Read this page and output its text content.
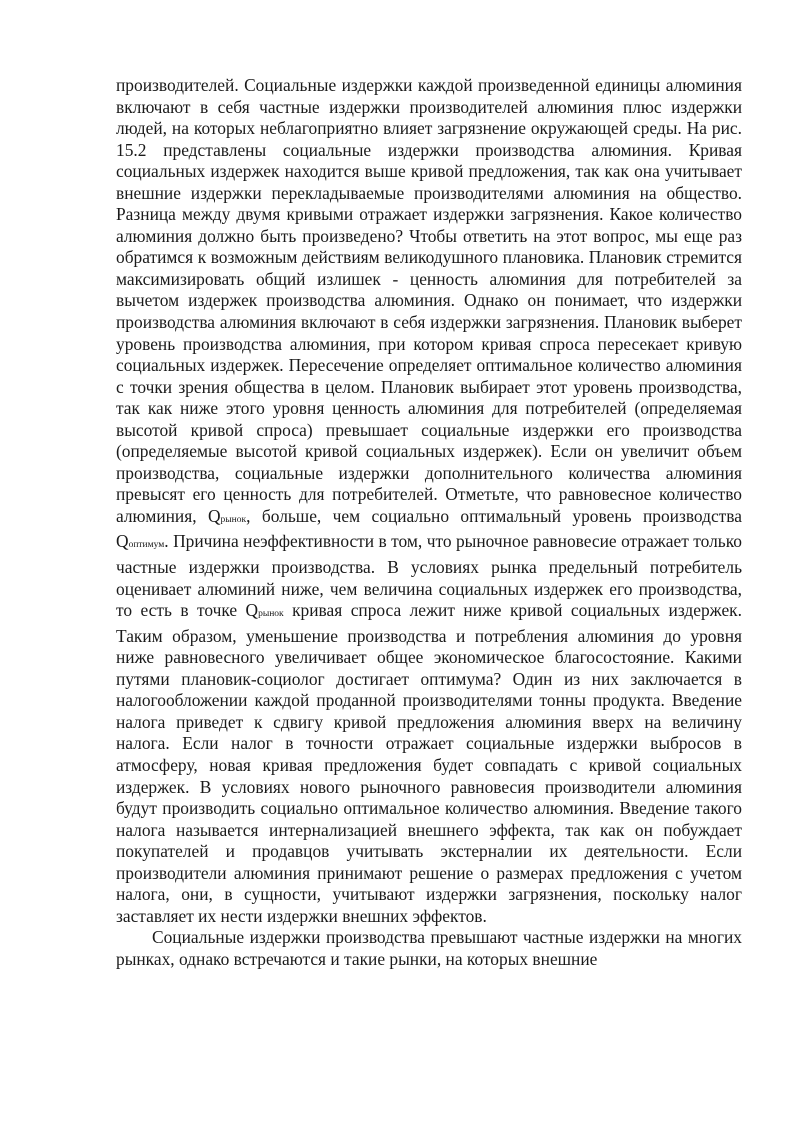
производителей. Социальные издержки каждой произведенной единицы алюминия включают в себя частные издержки производителей алюминия плюс издержки людей, на которых неблагоприятно влияет загрязнение окружающей среды. На рис. 15.2 представлены социальные издержки производства алюминия. Кривая социальных издержек находится выше кривой предложения, так как она учитывает внешние издержки перекладываемые производителями алюминия на общество. Разница между двумя кривыми отражает издержки загрязнения. Какое количество алюминия должно быть произведено? Чтобы ответить на этот вопрос, мы еще раз обратимся к возможным действиям великодушного плановика. Плановик стремится максимизировать общий излишек - ценность алюминия для потребителей за вычетом издержек производства алюминия. Однако он понимает, что издержки производства алюминия включают в себя издержки загрязнения. Плановик выберет уровень производства алюминия, при котором кривая спроса пересекает кривую социальных издержек. Пересечение определяет оптимальное количество алюминия с точки зрения общества в целом. Плановик выбирает этот уровень производства, так как ниже этого уровня ценность алюминия для потребителей (определяемая высотой кривой спроса) превышает социальные издержки его производства (определяемые высотой кривой социальных издержек). Если он увеличит объем производства, социальные издержки дополнительного количества алюминия превысят его ценность для потребителей. Отметьте, что равновесное количество алюминия, Qрынок, больше, чем социально оптимальный уровень производства Qоптимум. Причина неэффективности в том, что рыночное равновесие отражает только частные издержки производства. В условиях рынка предельный потребитель оценивает алюминий ниже, чем величина социальных издержек его производства, то есть в точке Qрынок кривая спроса лежит ниже кривой социальных издержек. Таким образом, уменьшение производства и потребления алюминия до уровня ниже равновесного увеличивает общее экономическое благосостояние. Какими путями плановик-социолог достигает оптимума? Один из них заключается в налогообложении каждой проданной производителями тонны продукта. Введение налога приведет к сдвигу кривой предложения алюминия вверх на величину налога. Если налог в точности отражает социальные издержки выбросов в атмосферу, новая кривая предложения будет совпадать с кривой социальных издержек. В условиях нового рыночного равновесия производители алюминия будут производить социально оптимальное количество алюминия. Введение такого налога называется интернализацией внешнего эффекта, так как он побуждает покупателей и продавцов учитывать экстерналии их деятельности. Если производители алюминия принимают решение о размерах предложения с учетом налога, они, в сущности, учитывают издержки загрязнения, поскольку налог заставляет их нести издержки внешних эффектов.

Социальные издержки производства превышают частные издержки на многих рынках, однако встречаются и такие рынки, на которых внешние
